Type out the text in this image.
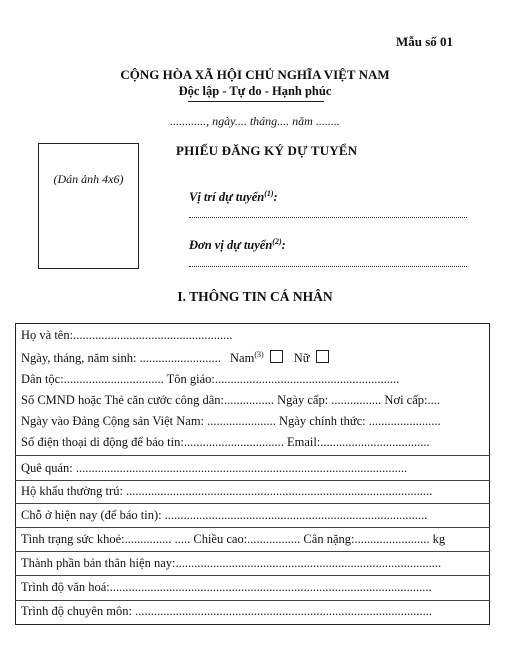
Mẫu số 01
CỘNG HÒA XÃ HỘI CHỦ NGHĨA VIỆT NAM
Độc lập - Tự do - Hạnh phúc
............, ngày.... tháng.... năm ........
(Dán ảnh 4x6)
PHIẾU ĐĂNG KÝ DỰ TUYỂN
Vị trí dự tuyển$^{(1)}$:
Đơn vị dự tuyển$^{(2)}$:
I. THÔNG TIN CÁ NHÂN
Họ và tên:...................................................
Ngày, tháng, năm sinh: .......................... Nam$^{(3)}$ Nữ
Dân tộc:................................ Tôn giáo:...........................................................
Số CMND hoặc Thẻ căn cước công dân:................ Ngày cấp: ................ Nơi cấp:....
Ngày vào Đảng Cộng sản Việt Nam: ...................... Ngày chính thức: .......................
Số điện thoại di động để báo tin:................................ Email:...................................
Quê quán: ..........................................................................................................
Hộ khẩu thường trú: ..................................................................................................
Chỗ ở hiện nay (để báo tin): ....................................................................................
Tình trạng sức khoẻ:............... ..... Chiều cao:................. Cân nặng:........................ kg
Thành phần bản thân hiện nay:.....................................................................................
Trình độ văn hoá:.......................................................................................................
Trình độ chuyên môn: ...............................................................................................
